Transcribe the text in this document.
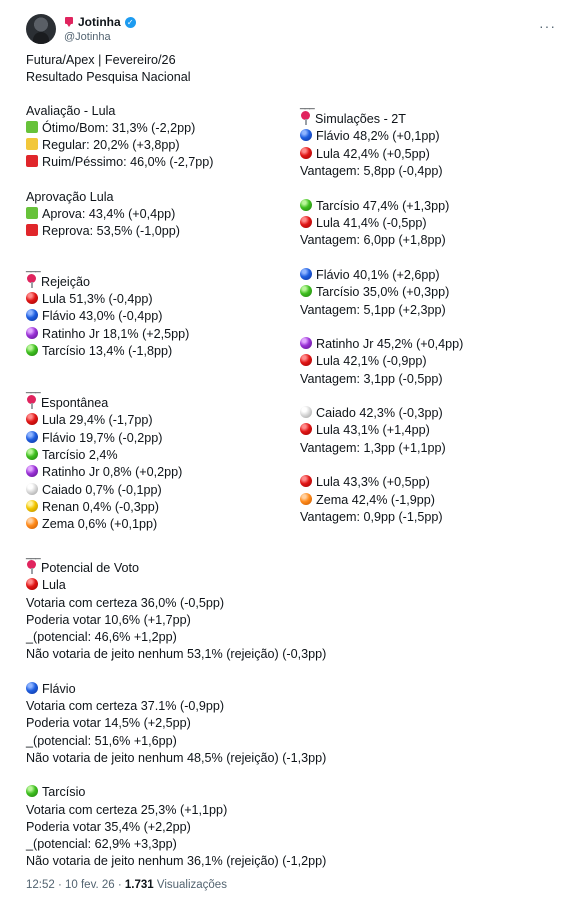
Jotinha ✓
@Jotinha
···
Futura/Apex | Fevereiro/26
Resultado Pesquisa Nacional
Avaliação - Lula
Ótimo/Bom: 31,3% (-2,2pp)
Regular: 20,2% (+3,8pp)
Ruim/Péssimo: 46,0% (-2,7pp)
Aprovação Lula
Aprova: 43,4% (+0,4pp)
Reprova: 53,5% (-1,0pp)
___
Rejeição
Lula 51,3% (-0,4pp)
Flávio 43,0% (-0,4pp)
Ratinho Jr 18,1% (+2,5pp)
Tarcísio 13,4% (-1,8pp)
___
Espontânea
Lula 29,4% (-1,7pp)
Flávio 19,7% (-0,2pp)
Tarcísio 2,4%
Ratinho Jr 0,8% (+0,2pp)
Caiado 0,7% (-0,1pp)
Renan 0,4% (-0,3pp)
Zema 0,6% (+0,1pp)
___
Simulações - 2T
Flávio 48,2% (+0,1pp)
Lula 42,4% (+0,5pp)
Vantagem: 5,8pp (-0,4pp)
Tarcísio 47,4% (+1,3pp)
Lula 41,4% (-0,5pp)
Vantagem: 6,0pp (+1,8pp)
Flávio 40,1% (+2,6pp)
Tarcísio 35,0% (+0,3pp)
Vantagem: 5,1pp (+2,3pp)
Ratinho Jr 45,2% (+0,4pp)
Lula 42,1% (-0,9pp)
Vantagem: 3,1pp (-0,5pp)
Caiado 42,3% (-0,3pp)
Lula 43,1% (+1,4pp)
Vantagem: 1,3pp (+1,1pp)
Lula 43,3% (+0,5pp)
Zema 42,4% (-1,9pp)
Vantagem: 0,9pp (-1,5pp)
___
Potencial de Voto
Lula
Votaria com certeza 36,0% (-0,5pp)
Poderia votar 10,6% (+1,7pp)
_(potencial: 46,6% +1,2pp)
Não votaria de jeito nenhum 53,1% (rejeição) (-0,3pp)
Flávio
Votaria com certeza 37.1% (-0,9pp)
Poderia votar 14,5% (+2,5pp)
_(potencial: 51,6% +1,6pp)
Não votaria de jeito nenhum 48,5% (rejeição) (-1,3pp)
Tarcísio
Votaria com certeza 25,3% (+1,1pp)
Poderia votar 35,4% (+2,2pp)
_(potencial: 62,9% +3,3pp)
Não votaria de jeito nenhum 36,1% (rejeição) (-1,2pp)
12:52 · 10 fev. 26 · 1.731 Visualizações
